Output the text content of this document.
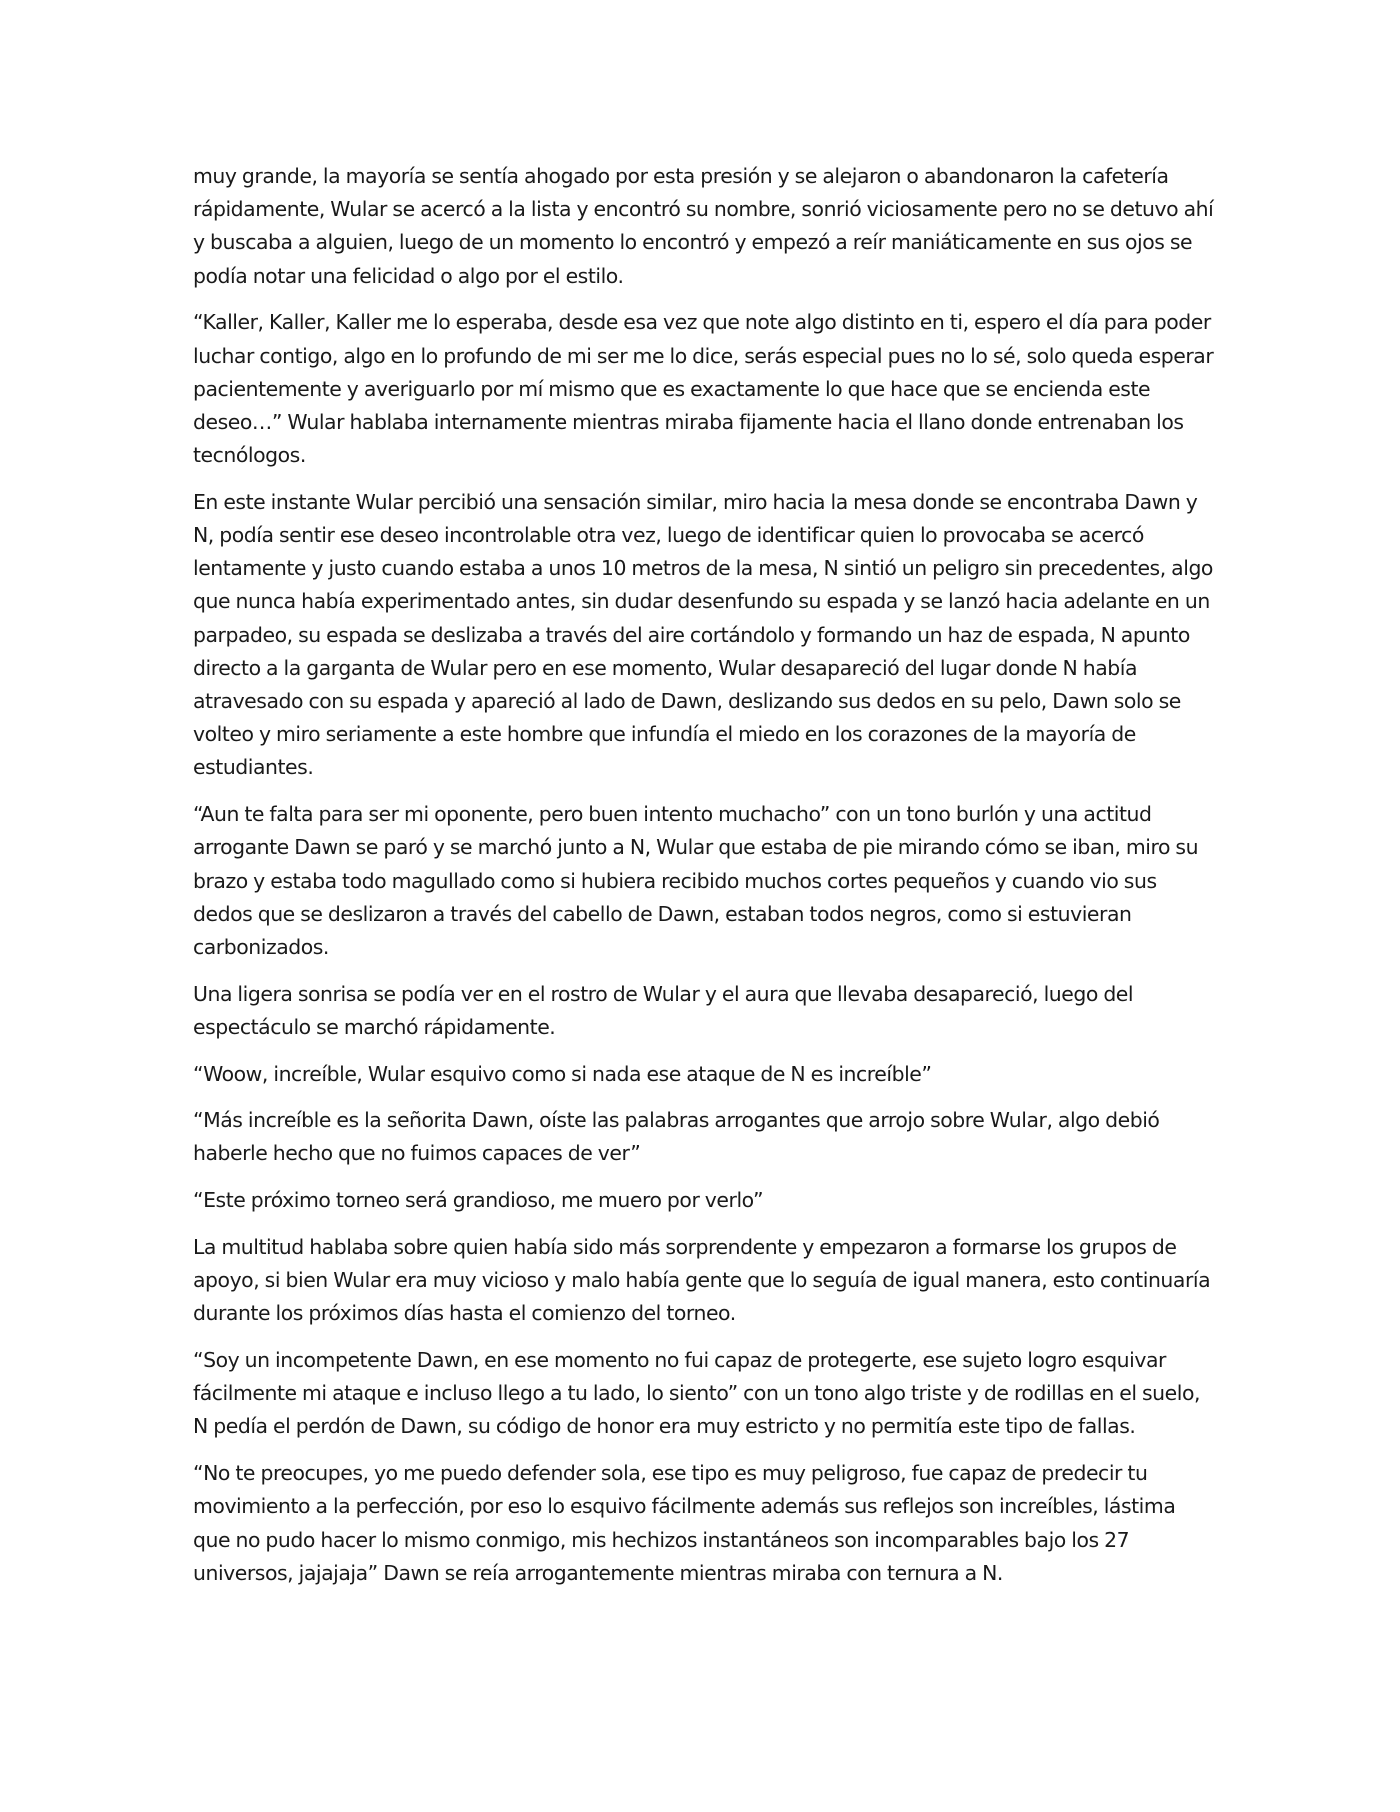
muy grande, la mayoría se sentía ahogado por esta presión y se alejaron o abandonaron la cafetería rápidamente, Wular se acercó a la lista y encontró su nombre, sonrió viciosamente pero no se detuvo ahí y buscaba a alguien, luego de un momento lo encontró y empezó a reír maniáticamente en sus ojos se podía notar una felicidad o algo por el estilo.

“Kaller, Kaller, Kaller me lo esperaba, desde esa vez que note algo distinto en ti, espero el día para poder luchar contigo, algo en lo profundo de mi ser me lo dice, serás especial pues no lo sé, solo queda esperar pacientemente y averiguarlo por mí mismo que es exactamente lo que hace que se encienda este deseo…” Wular hablaba internamente mientras miraba fijamente hacia el llano donde entrenaban los tecnólogos.

En este instante Wular percibió una sensación similar, miro hacia la mesa donde se encontraba Dawn y N, podía sentir ese deseo incontrolable otra vez, luego de identificar quien lo provocaba se acercó lentamente y justo cuando estaba a unos 10 metros de la mesa, N sintió un peligro sin precedentes, algo que nunca había experimentado antes, sin dudar desenfundo su espada y se lanzó hacia adelante en un parpadeo, su espada se deslizaba a través del aire cortándolo y formando un haz de espada, N apunto directo a la garganta de Wular pero en ese momento, Wular desapareció del lugar donde N había atravesado con su espada y apareció al lado de Dawn, deslizando sus dedos en su pelo, Dawn solo se volteo y miro seriamente a este hombre que infundía el miedo en los corazones de la mayoría de estudiantes.

“Aun te falta para ser mi oponente, pero buen intento muchacho” con un tono burlón y una actitud arrogante Dawn se paró y se marchó junto a N, Wular que estaba de pie mirando cómo se iban, miro su brazo y estaba todo magullado como si hubiera recibido muchos cortes pequeños y cuando vio sus dedos que se deslizaron a través del cabello de Dawn, estaban todos negros, como si estuvieran carbonizados.

Una ligera sonrisa se podía ver en el rostro de Wular y el aura que llevaba desapareció, luego del espectáculo se marchó rápidamente.

“Woow, increíble, Wular esquivo como si nada ese ataque de N es increíble”

“Más increíble es la señorita Dawn, oíste las palabras arrogantes que arrojo sobre Wular, algo debió haberle hecho que no fuimos capaces de ver”

“Este próximo torneo será grandioso, me muero por verlo”

La multitud hablaba sobre quien había sido más sorprendente y empezaron a formarse los grupos de apoyo, si bien Wular era muy vicioso y malo había gente que lo seguía de igual manera, esto continuaría durante los próximos días hasta el comienzo del torneo.

“Soy un incompetente Dawn, en ese momento no fui capaz de protegerte, ese sujeto logro esquivar fácilmente mi ataque e incluso llego a tu lado, lo siento” con un tono algo triste y de rodillas en el suelo, N pedía el perdón de Dawn, su código de honor era muy estricto y no permitía este tipo de fallas.

“No te preocupes, yo me puedo defender sola, ese tipo es muy peligroso, fue capaz de predecir tu movimiento a la perfección, por eso lo esquivo fácilmente además sus reflejos son increíbles, lástima que no pudo hacer lo mismo conmigo, mis hechizos instantáneos son incomparables bajo los 27 universos, jajajaja” Dawn se reía arrogantemente mientras miraba con ternura a N.
